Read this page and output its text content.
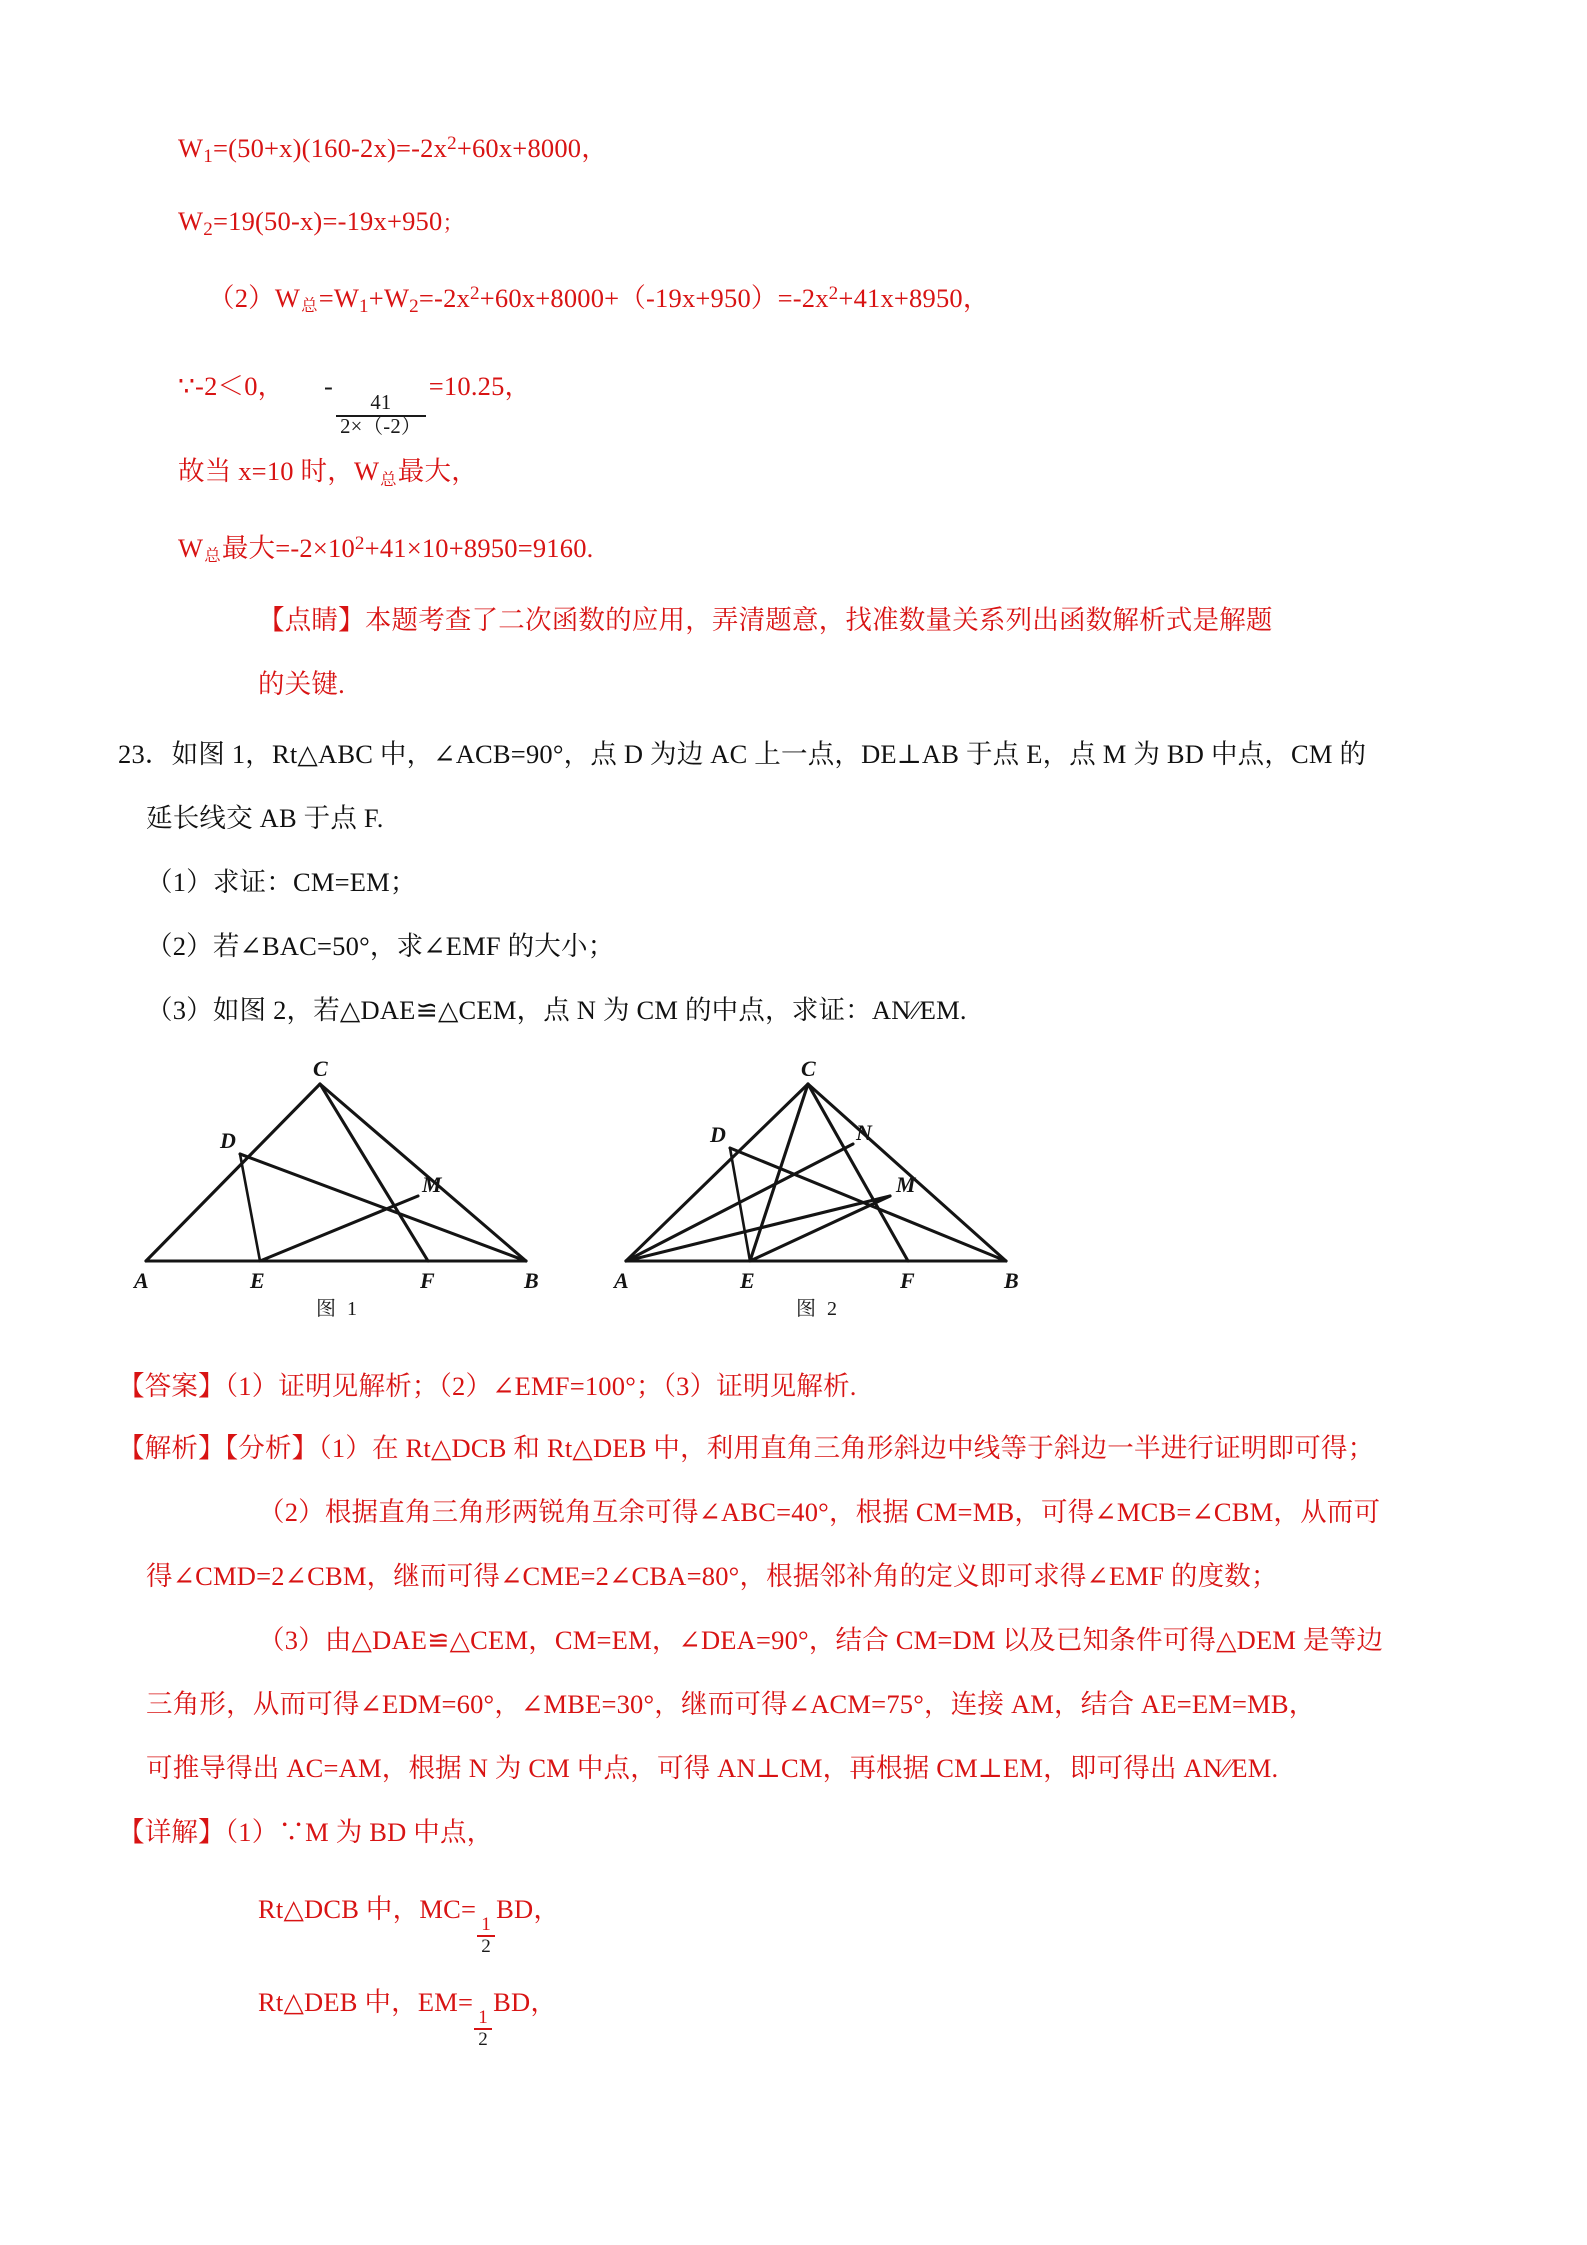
$W_1=(50+x)(160-2x)=-2x^2+60x+8000$，
$W_2=19(50-x)=-19x+950$；
（2）W总$=W_1+W_2=-2x^2+60x+8000+(-19x+950)=-2x^2+41x+8950$，
∵-2＜0， -
$\frac{41}{2\times(-2)}$
=10.25，
故当 x=10 时，W总最大，
W总最大$=-2\times 10^2+41\times 10+8950=9160$.
【点睛】本题考查了二次函数的应用，弄清题意，找准数量关系列出函数解析式是解题
的关键.
23．如图 1，Rt△ABC 中，∠ACB=90°，点 D 为边 AC 上一点，DE⊥AB 于点 E，点 M 为 BD 中点，CM 的
延长线交 AB 于点 F.
（1）求证：CM=EM；
（2）若∠BAC=50°，求∠EMF 的大小；
（3）如图 2，若△DAE≌△CEM，点 N 为 CM 的中点，求证：AN∕∕EM.
C
D
M
A	E	F	B
图 1
C
D	N
M
A	E	F	B
图 2
【答案】（1）证明见解析；（2）∠EMF=100°；（3）证明见解析.
【解析】【分析】（1）在 Rt△DCB 和 Rt△DEB 中，利用直角三角形斜边中线等于斜边一半进行证明即可得；
（2）根据直角三角形两锐角互余可得∠ABC=40°，根据 CM=MB，可得∠MCB=∠CBM，从而可
得∠CMD=2∠CBM，继而可得∠CME=2∠CBA=80°，根据邻补角的定义即可求得∠EMF 的度数；
（3）由△DAE≌△CEM，CM=EM，∠DEA=90°，结合 CM=DM 以及已知条件可得△DEM 是等边
三角形，从而可得∠EDM=60°，∠MBE=30°，继而可得∠ACM=75°，连接 AM，结合 AE=EM=MB，
可推导得出 AC=AM，根据 N 为 CM 中点，可得 AN⊥CM，再根据 CM⊥EM，即可得出 AN∕∕EM.
【详解】（1）∵M 为 BD 中点，
Rt△DCB 中，MC=
$\frac{1}{2}$
BD，
Rt△DEB 中，EM=
$\frac{1}{2}$
BD，
